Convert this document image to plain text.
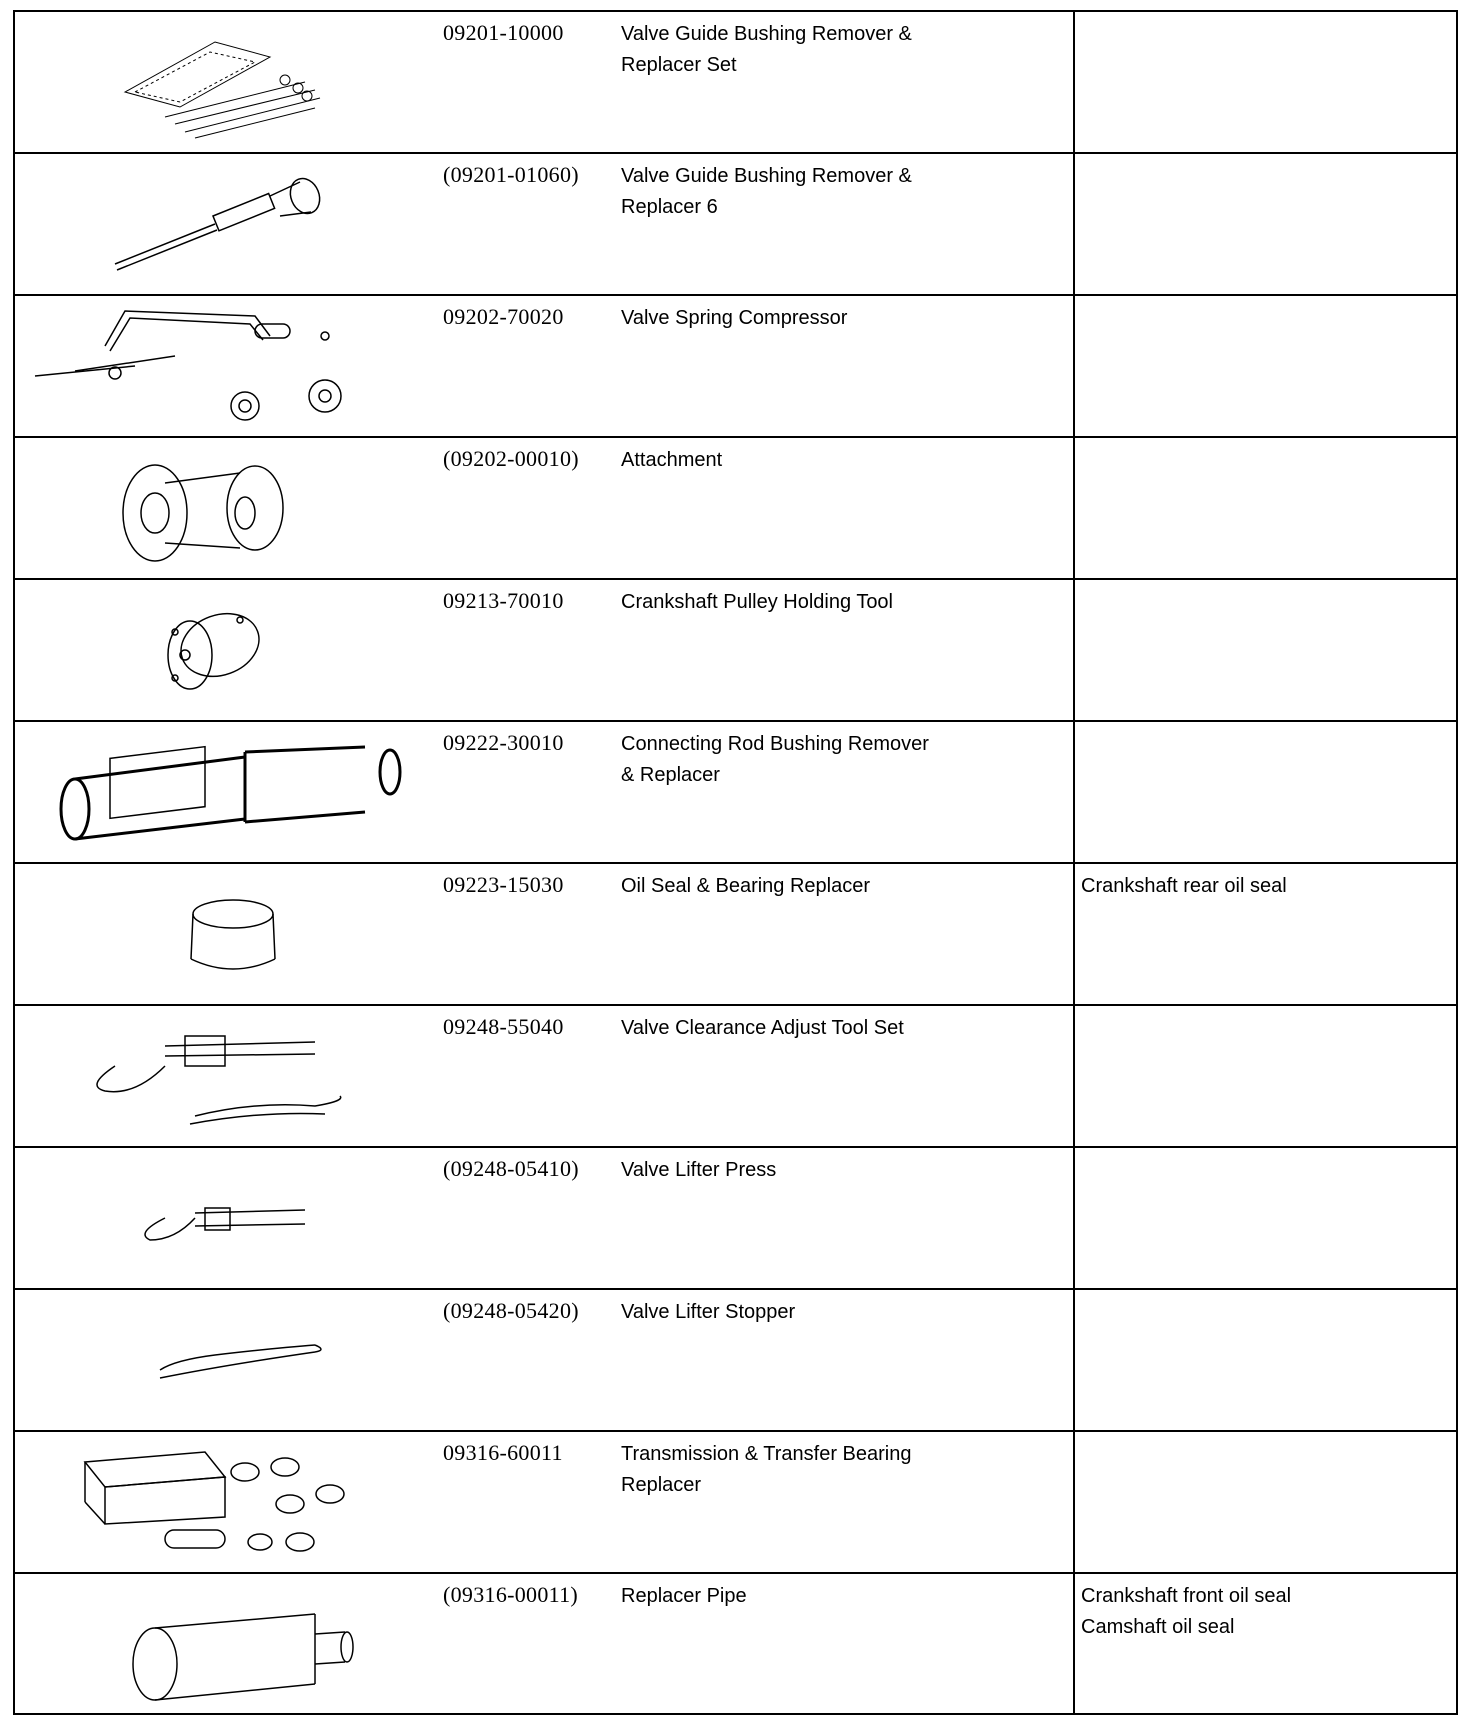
09201-10000	Valve Guide Bushing Remover &
Replacer Set
(09201-01060)	Valve Guide Bushing Remover &
Replacer 6
09202-70020	Valve Spring Compressor
(09202-00010)	Attachment
09213-70010	Crankshaft Pulley Holding Tool
09222-30010	Connecting Rod Bushing Remover
& Replacer
09223-15030	Oil Seal & Bearing Replacer	Crankshaft rear oil seal
09248-55040	Valve Clearance Adjust Tool Set
(09248-05410)	Valve Lifter Press
(09248-05420)	Valve Lifter Stopper
09316-60011	Transmission & Transfer Bearing
Replacer
(09316-00011)	Replacer Pipe	Crankshaft front oil seal
Camshaft oil seal
